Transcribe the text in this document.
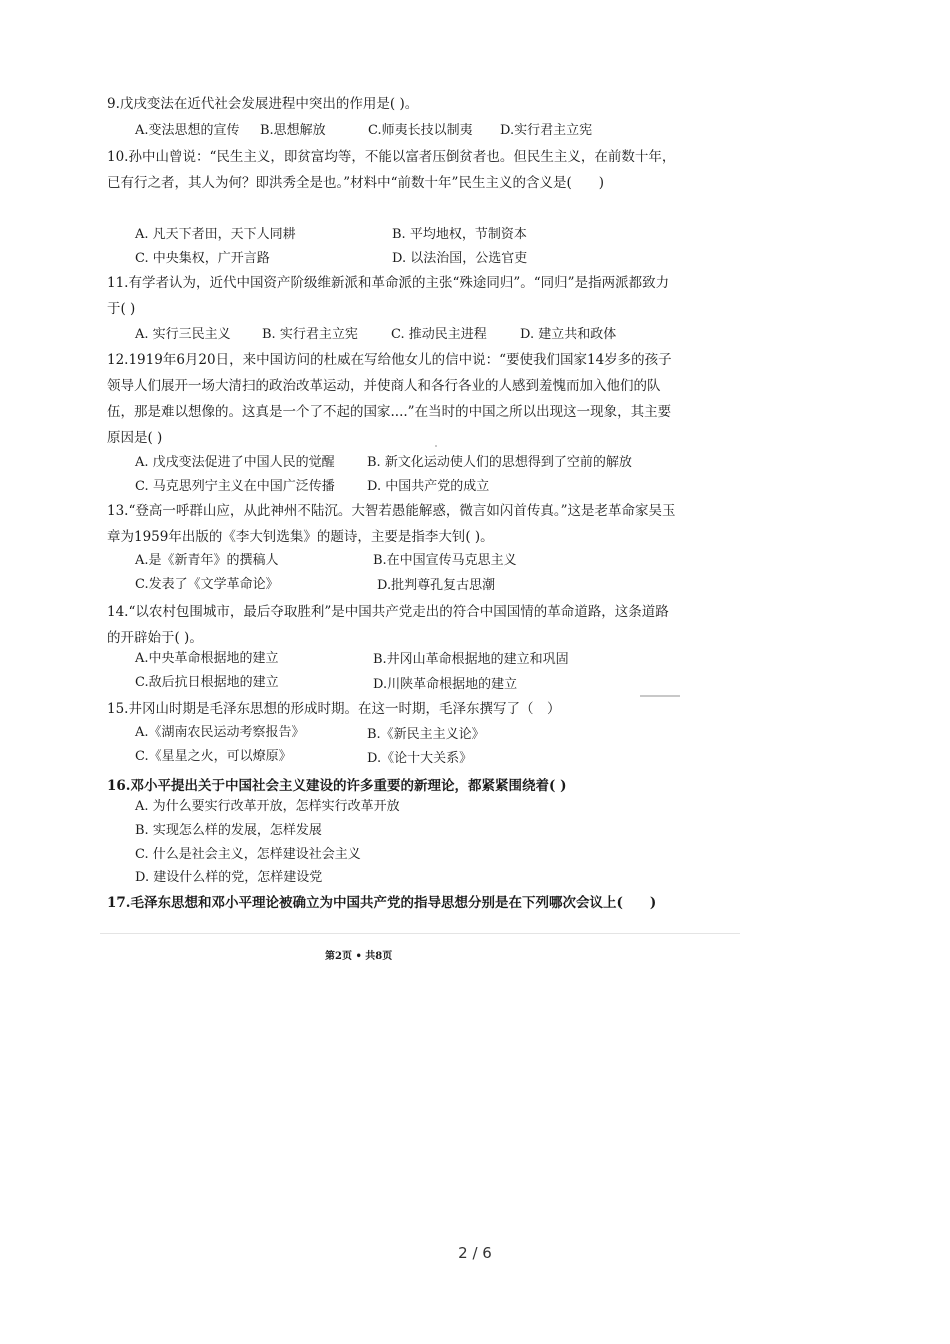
9.戊戌变法在近代社会发展进程中突出的作用是( )。
A.变法思想的宣传 B.思想解放	C.师夷长技以制夷 D.实行君主立宪
10.孙中山曾说：“民生主义，即贫富均等，不能以富者压倒贫者也。但民生主义，在前数十年，已有行之者，其人为何？即洪秀全是也。”材料中“前数十年”民生主义的含义是(　　)
A. 凡天下者田，天下人同耕	B. 平均地权，节制资本
C. 中央集权，广开言路	D. 以法治国，公选官吏
11.有学者认为，近代中国资产阶级维新派和革命派的主张“殊途同归”。“同归”是指两派都致力于( )
A. 实行三民主义 B. 实行君主立宪	C. 推动民主进程	D. 建立共和政体
12.1919年6月20日，来中国访问的杜威在写给他女儿的信中说：“要使我们国家14岁多的孩子领导人们展开一场大清扫的政治改革运动，并使商人和各行各业的人感到羞愧而加入他们的队伍，那是难以想像的。这真是一个了不起的国家....”在当时的中国之所以出现这一现象，其主要原因是( )
A. 戊戌变法促进了中国人民的觉醒 B. 新文化运动使人们的思想得到了空前的解放
C. 马克思列宁主义在中国广泛传播 D. 中国共产党的成立
13.“登高一呼群山应，从此神州不陆沉。大智若愚能解惑，微言如闪首传真。”这是老革命家吴玉章为1959年出版的《李大钊选集》的题诗，主要是指李大钊( )。
A.是《新青年》的撰稿人	B.在中国宣传马克思主义
C.发表了《文学革命论》	D.批判尊孔复古思潮
14.“以农村包围城市，最后夺取胜利”是中国共产党走出的符合中国国情的革命道路，这条道路的开辟始于( )。
A.中央革命根据地的建立	B.井冈山革命根据地的建立和巩固
C.敌后抗日根据地的建立	D.川陕革命根据地的建立
15.井冈山时期是毛泽东思想的形成时期。在这一时期，毛泽东撰写了（　）
A.《湖南农民运动考察报告》	B.《新民主主义论》
C.《星星之火，可以燎原》	D.《论十大关系》
16.邓小平提出关于中国社会主义建设的许多重要的新理论，都紧紧围绕着( )
A. 为什么要实行改革开放，怎样实行改革开放
B. 实现怎么样的发展，怎样发展
C. 什么是社会主义，怎样建设社会主义
D. 建设什么样的党，怎样建设党
17.毛泽东思想和邓小平理论被确立为中国共产党的指导思想分别是在下列哪次会议上(　　)
第2页 • 共8页
2 / 6
